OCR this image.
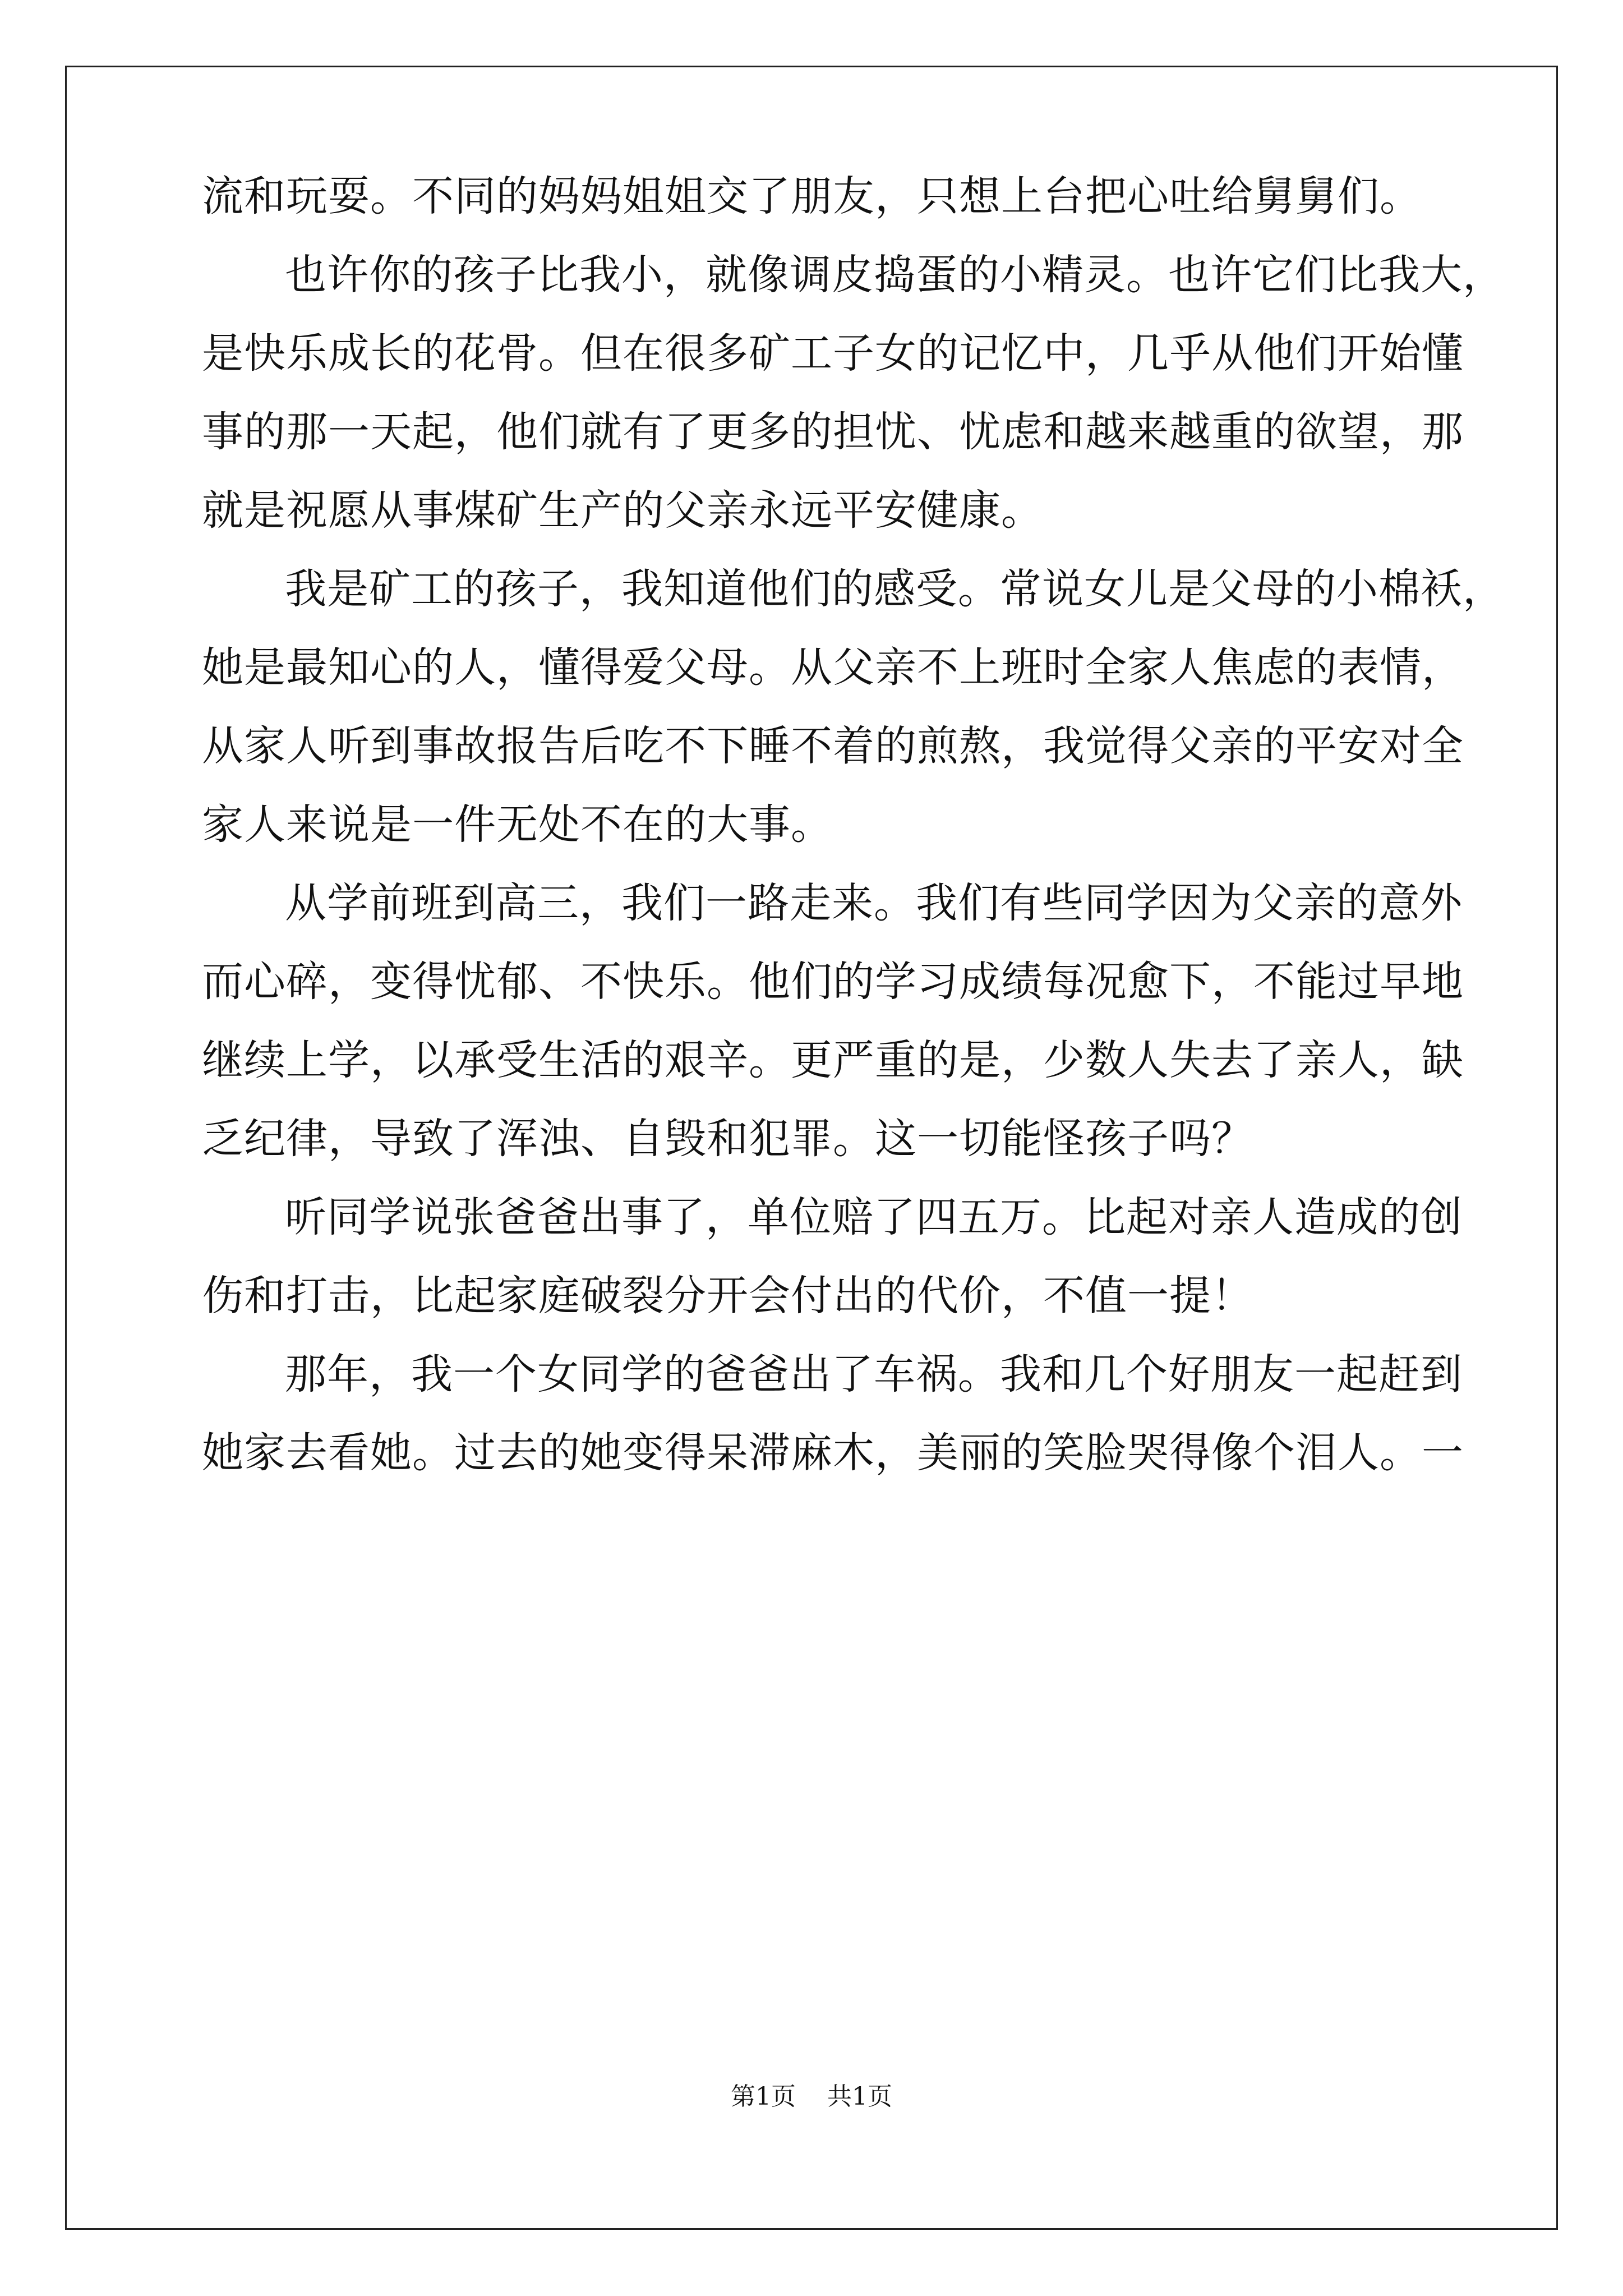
流和玩耍。不同的妈妈姐姐交了朋友，只想上台把心吐给舅舅们。
也许你的孩子比我小，就像调皮捣蛋的小精灵。也许它们比我大，
是快乐成长的花骨。但在很多矿工子女的记忆中，几乎从他们开始懂
事的那一天起，他们就有了更多的担忧、忧虑和越来越重的欲望，那
就是祝愿从事煤矿生产的父亲永远平安健康。
我是矿工的孩子，我知道他们的感受。常说女儿是父母的小棉袄，
她是最知心的人，懂得爱父母。从父亲不上班时全家人焦虑的表情，
从家人听到事故报告后吃不下睡不着的煎熬，我觉得父亲的平安对全
家人来说是一件无处不在的大事。
从学前班到高三，我们一路走来。我们有些同学因为父亲的意外
而心碎，变得忧郁、不快乐。他们的学习成绩每况愈下，不能过早地
继续上学，以承受生活的艰辛。更严重的是，少数人失去了亲人，缺
乏纪律，导致了浑浊、自毁和犯罪。这一切能怪孩子吗？
听同学说张爸爸出事了，单位赔了四五万。比起对亲人造成的创
伤和打击，比起家庭破裂分开会付出的代价，不值一提！
那年，我一个女同学的爸爸出了车祸。我和几个好朋友一起赶到
她家去看她。过去的她变得呆滞麻木，美丽的笑脸哭得像个泪人。一
第1页    共1页
